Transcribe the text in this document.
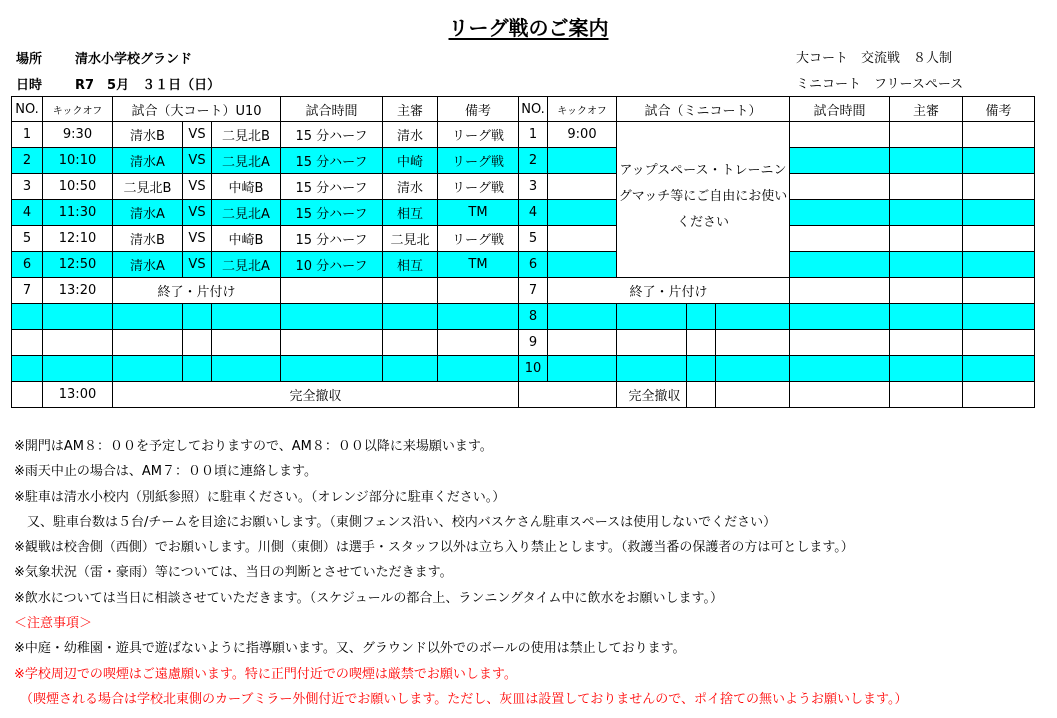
リーグ戦のご案内
場所	清水小学校グランド
日時	R7　5月　３１日（日）
大コート　交流戦　８人制
ミニコート　フリースペース
NO.	キックオフ	試合（大コート）U10			試合時間	主審	備考	NO.	キックオフ	試合（ミニコート）			試合時間	主審	備考
1	9:30	清水B	VS	二見北B	15 分ハーフ	清水	リーグ戦	1	9:00	アップスペース・トレーニングマッチ等にご自由にお使いください					
2	10:10	清水A	VS	二見北A	15 分ハーフ	中崎	リーグ戦	2							
3	10:50	二見北B	VS	中崎B	15 分ハーフ	清水	リーグ戦	3							
4	11:30	清水A	VS	二見北A	15 分ハーフ	相互	TM	4							
5	12:10	清水B	VS	中崎B	15 分ハーフ	二見北	リーグ戦	5							
6	12:50	清水A	VS	二見北A	10 分ハーフ	相互	TM	6							
7	13:20	終了・片付け						7	終了・片付け						
								8							
								9							
								10							
	13:00	完全撤収								完全撤収					
※開門はAM８：００を予定しておりますので、AM８：００以降に来場願います。
※雨天中止の場合は、AM７：００頃に連絡します。
※駐車は清水小校内（別紙参照）に駐車ください。（オレンジ部分に駐車ください。）
　又、駐車台数は５台/チームを目途にお願いします。（東側フェンス沿い、校内バスケさん駐車スペースは使用しないでください）
※観戦は校舎側（西側）でお願いします。川側（東側）は選手・スタッフ以外は立ち入り禁止とします。（救護当番の保護者の方は可とします。）
※気象状況（雷・豪雨）等については、当日の判断とさせていただきます。
※飲水については当日に相談させていただきます。（スケジュールの都合上、ランニングタイム中に飲水をお願いします。）
＜注意事項＞
※中庭・幼稚園・遊具で遊ばないように指導願います。又、グラウンド以外でのボールの使用は禁止しております。
※学校周辺での喫煙はご遠慮願います。特に正門付近での喫煙は厳禁でお願いします。
（喫煙される場合は学校北東側のカーブミラー外側付近でお願いします。ただし、灰皿は設置しておりませんので、ポイ捨ての無いようお願いします。）
